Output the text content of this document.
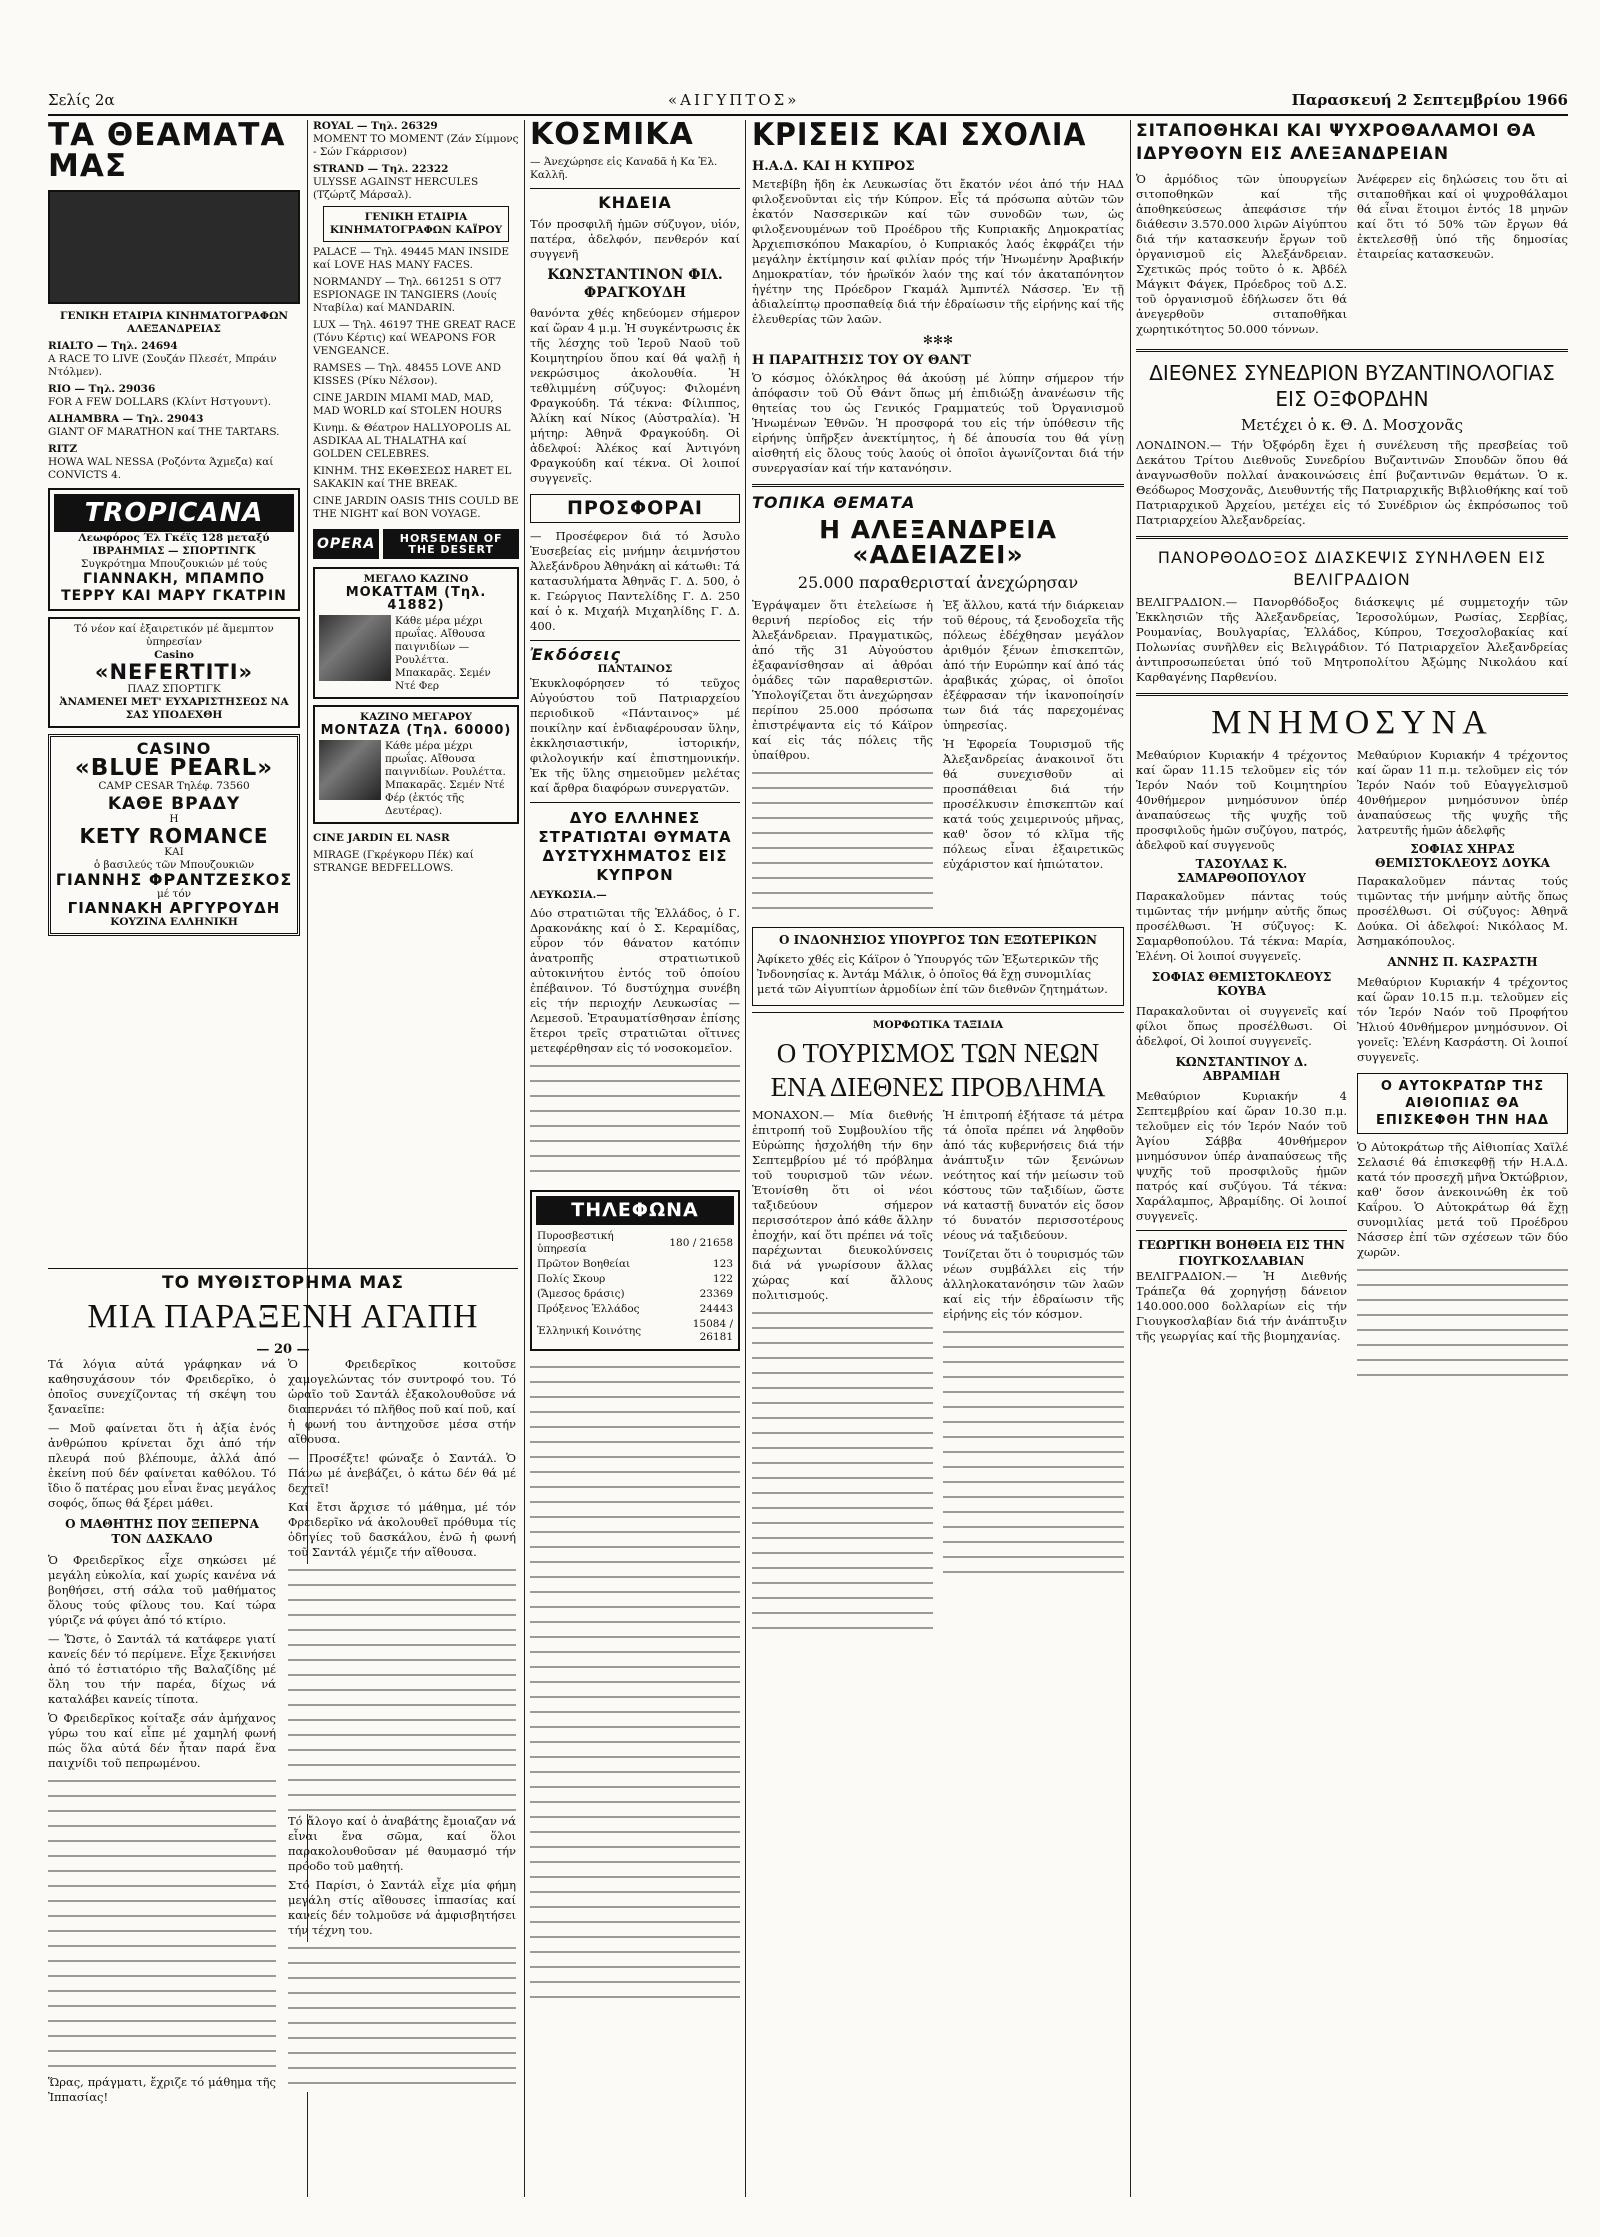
Σελίς 2α	«ΑΙΓΥΠΤΟΣ»	Παρασκευή 2 Σεπτεμβρίου 1966
ΤΑ ΘΕΑΜΑΤΑ ΜΑΣ
ΓΕΝΙΚΗ ΕΤΑΙΡΙΑ ΚΙΝΗΜΑΤΟΓΡΑΦΩΝ ΑΛΕΞΑΝΔΡΕΙΑΣ

RIALTO — Τηλ. 24694
A RACE TO LIVE (Σουζάν Πλεσέτ, Μπράιν Ντόλμεν).

RIO — Τηλ. 29036
FOR A FEW DOLLARS (Κλίντ Ηστγουντ).

ALHAMBRA — Τηλ. 29043
GIANT OF MARATHON καί THE TARTARS.

RITZ
HOWA WAL NESSA (Ροζόντα Άχμεζα) καί CONVICTS 4.

TROPICANA
Λεωφόρος Έλ Γκέϊς 128 μεταξύ ΙΒΡΑΗΜΙΑΣ — ΣΠΟΡΤΙΝΓΚ
Συγκρότημα Μπουζουκιών μέ τούς
ΓΙΑΝΝΑΚΗ, ΜΠΑΜΠΟ ΤΕΡΡΥ ΚΑΙ ΜΑΡΥ ΓΚΑΤΡΙΝ
Τό νέον καί ἐξαιρετικόν μέ ἄμεμπτον ὑπηρεσίαν
Casino
«NEFERTITI»
ΠΛΑΖ ΣΠΟΡΤΙΓΚ
ἈΝΑΜΕΝΕΙ ΜΕΤ' ΕΥΧΑΡΙΣΤΗΣΕΩΣ ΝΑ ΣΑΣ ΥΠΟΔΕΧΘΗ
CASINO
«BLUE PEARL»
CAMP CESAR Τηλέφ. 73560
ΚΑΘΕ ΒΡΑΔΥ
Η
KETY ROMANCE
ΚΑΙ
ὁ βασιλεύς τῶν Μπουζουκιῶν
ΓΙΑΝΝΗΣ ΦΡΑΝΤΖΕΣΚΟΣ
μέ τόν
ΓΙΑΝΝΑΚΗ ΑΡΓΥΡΟΥΔΗ
ΚΟΥΖΙΝΑ ΕΛΛΗΝΙΚΗ

ROYAL — Τηλ. 26329
MOMENT TO MOMENT (Ζάν Σίμμονς - Σών Γκάρρισον)

STRAND — Τηλ. 22322
ULYSSE AGAINST HERCULES (Τζώρτζ Μάρσαλ).

ΓΕΝΙΚΗ ΕΤΑΙΡΙΑ ΚΙΝΗΜΑΤΟΓΡΑΦΩΝ ΚΑΪΡΟΥ

PALACE — Τηλ. 49445 MAN INSIDE καί LOVE HAS MANY FACES.

NORMANDY — Τηλ. 661251 S OT7 ESPIONAGE IN TANGIERS (Λουίς Νταβίλα) καί MANDARIN.

LUX — Τηλ. 46197 THE GREAT RACE (Τόνυ Κέρτις) καί WEAPONS FOR VENGEANCE.

RAMSES — Τηλ. 48455 LOVE AND KISSES (Ρίκυ Νέλσον).

CINE JARDIN MIAMI MAD, MAD, MAD WORLD καί STOLEN HOURS

Κινημ. & Θέατρον HALLYOPOLIS AL ASDIKAA AL THALATHA καί GOLDEN CELEBRES.

ΚΙΝΗΜ. ΤΗΣ ΕΚΘΕΣΕΩΣ HARET EL SAKAKIN καί THE BREAK.

CINE JARDIN OASIS THIS COULD BE THE NIGHT καί BON VOYAGE.

OPERA	HORSEMAN OF THE DESERT
ΜΕΓΑΛΟ ΚΑΖΙΝΟ
ΜΟΚΑΤΤΑΜ (Τηλ. 41882)
Κάθε μέρα μέχρι πρωΐας. Αἴθουσα παιγνιδίων — Ρουλέττα. Μπακαρᾶς. Σεμέν Ντέ Φερ
ΚΑΖΙΝΟ ΜΕΓΑΡΟΥ
ΜΟΝΤΑΖΑ (Τηλ. 60000)
Κάθε μέρα μέχρι πρωΐας. Αἴθουσα παιγνιδίων. Ρουλέττα. Μπακαρᾶς. Σεμέν Ντέ Φέρ (ἐκτός τῆς Δευτέρας).

CINE JARDIN EL NASR

MIRAGE (Γκρέγκορυ Πέκ) καί STRANGE BEDFELLOWS.

ΤΟ ΜΥΘΙΣΤΟΡΗΜΑ ΜΑΣ
ΜΙΑ ΠΑΡΑΞΕΝΗ ΑΓΑΠΗ
— 20 —

Τά λόγια αὐτά γράφηκαν νά καθησυχάσουν τόν Φρειδερῖκο, ὁ ὁποῖος συνεχίζοντας τή σκέψη του ξαναεῖπε:

— Μοῦ φαίνεται ὅτι ἡ ἀξία ἑνός ἀνθρώπου κρίνεται ὄχι ἀπό τήν πλευρά πού βλέπουμε, ἀλλά ἀπό ἐκείνη πού δέν φαίνεται καθόλου. Τό ἴδιο ὅ πατέρας μου εἶναι ἕνας μεγάλος σοφός, ὅπως θά ξέρει μάθει.

Ο ΜΑΘΗΤΗΣ ΠΟΥ ΞΕΠΕΡΝΑ ΤΟΝ ΔΑΣΚΑΛΟ

Ὁ Φρειδερῖκος εἶχε σηκώσει μέ μεγάλη εὐκολία, καί χωρίς κανένα νά βοηθήσει, στή σάλα τοῦ μαθήματος ὅλους τούς φίλους του. Καί τώρα γύριζε νά φύγει ἀπό τό κτίριο.

— Ὥστε, ὁ Σαντάλ τά κατάφερε γιατί κανείς δέν τό περίμενε. Εἶχε ξεκινήσει ἀπό τό ἑστιατόριο τῆς Βαλαζίδης μέ ὅλη του τήν παρέα, δίχως νά καταλάβει κανείς τίποτα.

Ὁ Φρειδερῖκος κοίταξε σάν ἀμήχανος γύρω του καί εἶπε μέ χαμηλή φωνή πώς ὅλα αὐτά δέν ἦταν παρά ἕνα παιχνίδι τοῦ πεπρωμένου.

Ὥρας, πράγματι, ἔχριζε τό μάθημα τῆς Ἰππασίας!

Ὁ Φρειδερῖκος κοιτοῦσε χαμογελώντας τόν συντροφό του. Τό ὡραῖο τοῦ Σαντάλ ἐξακολουθοῦσε νά διαπερνάει τό πλῆθος ποῦ καί ποῦ, καί ἡ φωνή του ἀντηχοῦσε μέσα στήν αἴθουσα.

— Προσέξτε! φώναξε ὁ Σαντάλ. Ὁ Πάνω μέ ἀνεβάζει, ὁ κάτω δέν θά μέ δεχτεῖ!

Καί ἔτσι ἄρχισε τό μάθημα, μέ τόν Φρειδερῖκο νά ἀκολουθεῖ πρόθυμα τίς ὁδηγίες τοῦ δασκάλου, ἐνῶ ἡ φωνή τοῦ Σαντάλ γέμιζε τήν αἴθουσα.

Τό ἄλογο καί ὁ ἀναβάτης ἔμοιαζαν νά εἶναι ἕνα σῶμα, καί ὅλοι παρακολουθοῦσαν μέ θαυμασμό τήν πρόοδο τοῦ μαθητή.

Στό Παρίσι, ὁ Σαντάλ εἶχε μία φήμη μεγάλη στίς αἴθουσες ἱππασίας καί κανείς δέν τολμοῦσε νά ἀμφισβητήσει τήν τέχνη του.

ΚΟΣΜΙΚΑ

— Ἀνεχώρησε εἰς Καναδᾶ ἡ Κα Ἐλ. Καλλῆ.

ΚΗΔΕΙΑ

Τόν προσφιλῆ ἡμῶν σύζυγον, υἱόν, πατέρα, ἀδελφόν, πενθερόν καί συγγενῆ

ΚΩΝΣΤΑΝΤΙΝΟΝ ΦΙΛ. ΦΡΑΓΚΟΥΔΗ

θανόντα χθές κηδεύομεν σήμερον καί ὥραν 4 μ.μ. Ἡ συγκέντρωσις ἐκ τῆς λέσχης τοῦ Ἱεροῦ Ναοῦ τοῦ Κοιμητηρίου ὅπου καί θά ψαλῇ ἡ νεκρώσιμος ἀκολουθία. Ἡ τεθλιμμένη σύζυγος: Φιλομένη Φραγκούδη. Τά τέκνα: Φίλιππος, Ἀλίκη καί Νίκος (Αὐστραλία). Ἡ μήτηρ: Ἀθηνᾶ Φραγκούδη. Οἱ ἀδελφοί: Ἀλέκος καί Ἀντιγόνη Φραγκούδη καί τέκνα. Οἱ λοιποί συγγενεῖς.

ΠΡΟΣΦΟΡΑΙ

— Προσέφερον διά τό Ἀσυλο Ἐυσεβείας εἰς μνήμην ἀειμνήστου Ἀλεξάνδρου Ἀθηνάκη αἱ κάτωθι: Τά κατασυλήματα Ἀθηνᾶς Γ. Δ. 500, ὁ κ. Γεώργιος Παντελίδης Γ. Δ. 250 καί ὁ κ. Μιχαήλ Μιχαηλίδης Γ. Δ. 400.

Ἐκδόσεις
ΠΑΝΤΑΙΝΟΣ

Ἐκυκλοφόρησεν τό τεῦχος Αὐγούστου τοῦ Πατριαρχείου περιοδικοῦ «Πάνταινος» μέ ποικίλην καί ἐνδιαφέρουσαν ὕλην, ἐκκλησιαστικήν, ἱστορικήν, φιλολογικήν καί ἐπιστημονικήν. Ἐκ τῆς ὕλης σημειοῦμεν μελέτας καί ἄρθρα διαφόρων συνεργατῶν.

ΔΥΟ ΕΛΛΗΝΕΣ ΣΤΡΑΤΙΩΤΑΙ ΘΥΜΑΤΑ ΔΥΣΤΥΧΗΜΑΤΟΣ ΕΙΣ ΚΥΠΡΟΝ

ΛΕΥΚΩΣΙΑ.—

Δύο στρατιῶται τῆς Ἑλλάδος, ὁ Γ. Δρακονάκης καί ὁ Σ. Κεραμίδας, εὗρον τόν θάνατον κατόπιν ἀνατροπῆς στρατιωτικοῦ αὐτοκινήτου ἐντός τοῦ ὁποίου ἐπέβαινον. Τό δυστύχημα συνέβη εἰς τήν περιοχήν Λευκωσίας — Λεμεσοῦ. Ἐτραυματίσθησαν ἐπίσης ἕτεροι τρεῖς στρατιῶται οἵτινες μετεφέρθησαν εἰς τό νοσοκομεῖον.

ΤΗΛΕΦΩΝΑ
Πυροσβεστική ὑπηρεσία	180 / 21658
Πρῶτον Βοηθείαι	123
Πολίς Σκουρ	122
(Ἄμεσος δράσις)	23369
Πρόξενος Ἑλλάδος	24443
Ἑλληνική Κοινότης	15084 / 26181
ΚΡΙΣΕΙΣ ΚΑΙ ΣΧΟΛΙΑ
Η.Α.Δ. ΚΑΙ Η ΚΥΠΡΟΣ

Μετεβίβη ἤδη ἐκ Λευκωσίας ὅτι ἔκατόν νέοι ἀπό τήν ΗΑΔ φιλοξενοῦνται εἰς τήν Κύπρον. Εἶς τά πρόσωπα αὐτῶν τῶν ἑκατόν Νασσερικῶν καί τῶν συνοδῶν των, ὡς φιλοξενουμένων τοῦ Προέδρου τῆς Κυπριακῆς Δημοκρατίας Ἀρχιεπισκόπου Μακαρίου, ὁ Κυπριακός λαός ἐκφράζει τήν μεγάλην ἐκτίμησιν καί φιλίαν πρός τήν Ἡνωμένην Ἀραβικήν Δημοκρατίαν, τόν ἡρωϊκόν λαόν της καί τόν ἀκαταπόνητον ἡγέτην της Πρόεδρον Γκαμάλ Ἀμπντέλ Νάσσερ. Ἐν τῇ ἀδιαλείπτῳ προσπαθείᾳ διά τήν ἐδραίωσιν τῆς εἰρήνης καί τῆς ἐλευθερίας τῶν λαῶν.

✻✻✻
Η ΠΑΡΑΙΤΗΣΙΣ ΤΟΥ ΟΥ ΘΑΝΤ

Ὁ κόσμος ὁλόκληρος θά ἀκούσῃ μέ λύπην σήμερον τήν ἀπόφασιν τοῦ Οὖ Θάντ ὅπως μή ἐπιδιώξῃ ἀνανέωσιν τῆς θητείας του ὡς Γενικός Γραμματεύς τοῦ Ὀργανισμοῦ Ἡνωμένων Ἐθνῶν. Ἡ προσφορά του εἰς τήν ὑπόθεσιν τῆς εἰρήνης ὑπῆρξεν ἀνεκτίμητος, ἡ δέ ἀπουσία του θά γίνῃ αἰσθητή εἰς ὅλους τούς λαούς οἱ ὁποῖοι ἀγωνίζονται διά τήν συνεργασίαν καί τήν κατανόησιν.

ΤΟΠΙΚΑ ΘΕΜΑΤΑ
Η ΑΛΕΞΑΝΔΡΕΙΑ «ΑΔΕΙΑΖΕΙ»
25.000 παραθερισταί ἀνεχώρησαν

Ἐγράψαμεν ὅτι ἐτελείωσε ἡ θερινή περίοδος εἰς τήν Ἀλεξάνδρειαν. Πραγματικῶς, ἀπό τῆς 31 Αὐγούστου ἐξαφανίσθησαν αἱ ἀθρόαι ὁμάδες τῶν παραθεριστῶν. Ὑπολογίζεται ὅτι ἀνεχώρησαν περίπου 25.000 πρόσωπα ἐπιστρέψαντα εἰς τό Κάϊρον καί εἰς τάς πόλεις τῆς ὑπαίθρου.

Ἐξ ἄλλου, κατά τήν διάρκειαν τοῦ θέρους, τά ξενοδοχεῖα τῆς πόλεως ἐδέχθησαν μεγάλον ἀριθμόν ξένων ἐπισκεπτῶν, ἀπό τήν Ευρώπην καί ἀπό τάς ἀραβικάς χώρας, οἱ ὁποῖοι ἐξέφρασαν τήν ἱκανοποίησίν των διά τάς παρεχομένας ὑπηρεσίας.

Ἡ Ἐφορεία Τουρισμοῦ τῆς Ἀλεξανδρείας ἀνακοινοῖ ὅτι θά συνεχισθοῦν αἱ προσπάθειαι διά τήν προσέλκυσιν ἐπισκεπτῶν καί κατά τούς χειμερινούς μῆνας, καθ' ὅσον τό κλῖμα τῆς πόλεως εἶναι ἐξαιρετικῶς εὐχάριστον καί ἡπιώτατον.

Ο ΙΝΔΟΝΗΣΙΟΣ ΥΠΟΥΡΓΟΣ ΤΩΝ ΕΞΩΤΕΡΙΚΩΝ

Ἀφίκετο χθές εἰς Κάϊρον ὁ Ὑπουργός τῶν Ἐξωτερικῶν τῆς Ἰνδονησίας κ. Ἀντάμ Μάλικ, ὁ ὁποῖος θά ἔχῃ συνομιλίας μετά τῶν Αἰγυπτίων ἀρμοδίων ἐπί τῶν διεθνῶν ζητημάτων.

ΜΟΡΦΩΤΙΚΑ ΤΑΞΙΔΙΑ
Ο ΤΟΥΡΙΣΜΟΣ ΤΩΝ ΝΕΩΝ ΕΝΑ ΔΙΕΘΝΕΣ ΠΡΟΒΛΗΜΑ

ΜΟΝΑΧΟΝ.— Μία διεθνής ἐπιτροπή τοῦ Συμβουλίου τῆς Εὐρώπης ἠσχολήθη τήν 6ην Σεπτεμβρίου μέ τό πρόβλημα τοῦ τουρισμοῦ τῶν νέων. Ἐτονίσθη ὅτι οἱ νέοι ταξιδεύουν σήμερον περισσότερον ἀπό κάθε ἄλλην ἐποχήν, καί ὅτι πρέπει νά τοῖς παρέχωνται διευκολύνσεις διά νά γνωρίσουν ἄλλας χώρας καί ἄλλους πολιτισμούς.

Ἡ ἐπιτροπή ἐξήτασε τά μέτρα τά ὁποῖα πρέπει νά ληφθοῦν ἀπό τάς κυβερνήσεις διά τήν ἀνάπτυξιν τῶν ξενώνων νεότητος καί τήν μείωσιν τοῦ κόστους τῶν ταξιδίων, ὥστε νά καταστῇ δυνατόν εἰς ὅσον τό δυνατόν περισσοτέρους νέους νά ταξιδεύουν.

Τονίζεται ὅτι ὁ τουρισμός τῶν νέων συμβάλλει εἰς τήν ἀλληλοκατανόησιν τῶν λαῶν καί εἰς τήν ἐδραίωσιν τῆς εἰρήνης εἰς τόν κόσμον.

ΣΙΤΑΠΟΘΗΚΑΙ ΚΑΙ ΨΥΧΡΟΘΑΛΑΜΟΙ ΘΑ ΙΔΡΥΘΟΥΝ ΕΙΣ ΑΛΕΞΑΝΔΡΕΙΑΝ

Ὁ ἁρμόδιος τῶν ὑπουργείων σιτοποθηκῶν καί τῆς ἀποθηκεύσεως ἀπεφάσισε τήν διάθεσιν 3.570.000 λιρῶν Αἰγύπτου διά τήν κατασκευήν ἔργων τοῦ ὀργανισμοῦ εἰς Ἀλεξάνδρειαν. Σχετικῶς πρός τοῦτο ὁ κ. Ἀβδέλ Μάγκιτ Φάγεκ, Πρόεδρος τοῦ Δ.Σ. τοῦ ὀργανισμοῦ ἐδήλωσεν ὅτι θά ἀνεγερθοῦν σιταποθῆκαι χωρητικότητος 50.000 τόννων.

Ἀνέφερεν εἰς δηλώσεις του ὅτι αἱ σιταποθῆκαι καί οἱ ψυχροθάλαμοι θά εἶναι ἕτοιμοι ἐντός 18 μηνῶν καί ὅτι τό 50% τῶν ἔργων θά ἐκτελεσθῇ ὑπό τῆς δημοσίας ἐταιρείας κατασκευῶν.

ΔΙΕΘΝΕΣ ΣΥΝΕΔΡΙΟΝ ΒΥΖΑΝΤΙΝΟΛΟΓΙΑΣ ΕΙΣ ΟΞΦΟΡΔΗΝ
Μετέχει ὁ κ. Θ. Δ. Μοσχονᾶς

ΛΟΝΔΙΝΟΝ.— Τήν Ὀξφόρδη ἔχει ἡ συνέλευση τῆς πρεσβείας τοῦ Δεκάτου Τρίτου Διεθνοῦς Συνεδρίου Βυζαντινῶν Σπουδῶν ὅπου θά ἀναγνωσθοῦν πολλαί ἀνακοινώσεις ἐπί βυζαντινῶν θεμάτων. Ὁ κ. Θεόδωρος Μοσχονᾶς, Διευθυντής τῆς Πατριαρχικῆς Βιβλιοθήκης καί τοῦ Πατριαρχικοῦ Ἀρχείου, μετέχει εἰς τό Συνέδριον ὡς ἐκπρόσωπος τοῦ Πατριαρχείου Ἀλεξανδρείας.

ΠΑΝΟΡΘΟΔΟΞΟΣ ΔΙΑΣΚΕΨΙΣ ΣΥΝΗΛΘΕΝ ΕΙΣ ΒΕΛΙΓΡΑΔΙΟΝ

ΒΕΛΙΓΡΑΔΙΟΝ.— Πανορθόδοξος διάσκεψις μέ συμμετοχήν τῶν Ἐκκλησιῶν τῆς Ἀλεξανδρείας, Ἱεροσολύμων, Ρωσίας, Σερβίας, Ρουμανίας, Βουλγαρίας, Ἑλλάδος, Κύπρου, Τσεχοσλοβακίας καί Πολωνίας συνῆλθεν εἰς Βελιγράδιον. Τό Πατριαρχεῖον Ἀλεξανδρείας ἀντιπροσωπεύεται ὑπό τοῦ Μητροπολίτου Ἀξώμης Νικολάου καί Καρθαγένης Παρθενίου.

ΜΝΗΜΟΣΥΝΑ

Μεθαύριον Κυριακήν 4 τρέχοντος καί ὥραν 11.15 τελοῦμεν εἰς τόν Ἱερόν Ναόν τοῦ Κοιμητηρίου 40νθήμερον μνημόσυνον ὑπέρ ἀναπαύσεως τῆς ψυχῆς τοῦ προσφιλοῦς ἡμῶν συζύγου, πατρός, ἀδελφοῦ καί συγγενοῦς

ΤΑΣΟΥΛΑΣ Κ. ΣΑΜΑΡΘΟΠΟΥΛΟΥ

Παρακαλοῦμεν πάντας τούς τιμῶντας τήν μνήμην αὐτῆς ὅπως προσέλθωσι. Ἡ σύζυγος: Κ. Σαμαρθοπούλου. Τά τέκνα: Μαρία, Ἐλένη. Οἱ λοιποί συγγενεῖς.

ΣΟΦΙΑΣ ΘΕΜΙΣΤΟΚΛΕΟΥΣ ΚΟΥΒΑ

Παρακαλοῦνται οἱ συγγενεῖς καί φίλοι ὅπως προσέλθωσι. Οἱ ἀδελφοί, Οἱ λοιποί συγγενεῖς.

ΚΩΝΣΤΑΝΤΙΝΟΥ Δ. ΑΒΡΑΜΙΔΗ

Μεθαύριον Κυριακήν 4 Σεπτεμβρίου καί ὥραν 10.30 π.μ. τελοῦμεν εἰς τόν Ἱερόν Ναόν τοῦ Ἁγίου Σάββα 40νθήμερον μνημόσυνον ὑπέρ ἀναπαύσεως τῆς ψυχῆς τοῦ προσφιλοῦς ἡμῶν πατρός καί συζύγου. Τά τέκνα: Χαράλαμπος, Ἀβραμίδης. Οἱ λοιποί συγγενεῖς.

ΓΕΩΡΓΙΚΗ ΒΟΗΘΕΙΑ ΕΙΣ ΤΗΝ ΓΙΟΥΓΚΟΣΛΑΒΙΑΝ

ΒΕΛΙΓΡΑΔΙΟΝ.— Ἡ Διεθνής Τράπεζα θά χορηγήσῃ δάνειον 140.000.000 δολλαρίων εἰς τήν Γιουγκοσλαβίαν διά τήν ἀνάπτυξιν τῆς γεωργίας καί τῆς βιομηχανίας.

Μεθαύριον Κυριακήν 4 τρέχοντος καί ὥραν 11 π.μ. τελοῦμεν εἰς τόν Ἱερόν Ναόν τοῦ Εὐαγγελισμοῦ 40νθήμερον μνημόσυνον ὑπέρ ἀναπαύσεως τῆς ψυχῆς τῆς λατρευτῆς ἡμῶν ἀδελφῆς

ΣΟΦΙΑΣ ΧΗΡΑΣ ΘΕΜΙΣΤΟΚΛΕΟΥΣ ΔΟΥΚΑ

Παρακαλοῦμεν πάντας τούς τιμῶντας τήν μνήμην αὐτῆς ὅπως προσέλθωσι. Οἱ σύζυγος: Ἀθηνᾶ Δούκα. Οἱ ἀδελφοί: Νικόλαος Μ. Ἀσημακόπουλος.

ΑΝΝΗΣ Π. ΚΑΣΡΑΣΤΗ

Μεθαύριον Κυριακήν 4 τρέχοντος καί ὥραν 10.15 π.μ. τελοῦμεν εἰς τόν Ἱερόν Ναόν τοῦ Προφήτου Ἠλιού 40νθήμερον μνημόσυνον. Οἱ γονεῖς: Ἐλένη Κασράστη. Οἱ λοιποί συγγενεῖς.

Ο ΑΥΤΟΚΡΑΤΩΡ ΤΗΣ ΑΙΘΙΟΠΙΑΣ ΘΑ ΕΠΙΣΚΕΦΘΗ ΤΗΝ ΗΑΔ

Ὁ Αὐτοκράτωρ τῆς Αἰθιοπίας Χαϊλέ Σελασιέ θά ἐπισκεφθῇ τήν Η.Α.Δ. κατά τόν προσεχῆ μῆνα Ὀκτώβριον, καθ' ὅσον ἀνεκοινώθη ἐκ τοῦ Καΐρου. Ὁ Αὐτοκράτωρ θά ἔχῃ συνομιλίας μετά τοῦ Προέδρου Νάσσερ ἐπί τῶν σχέσεων τῶν δύο χωρῶν.
